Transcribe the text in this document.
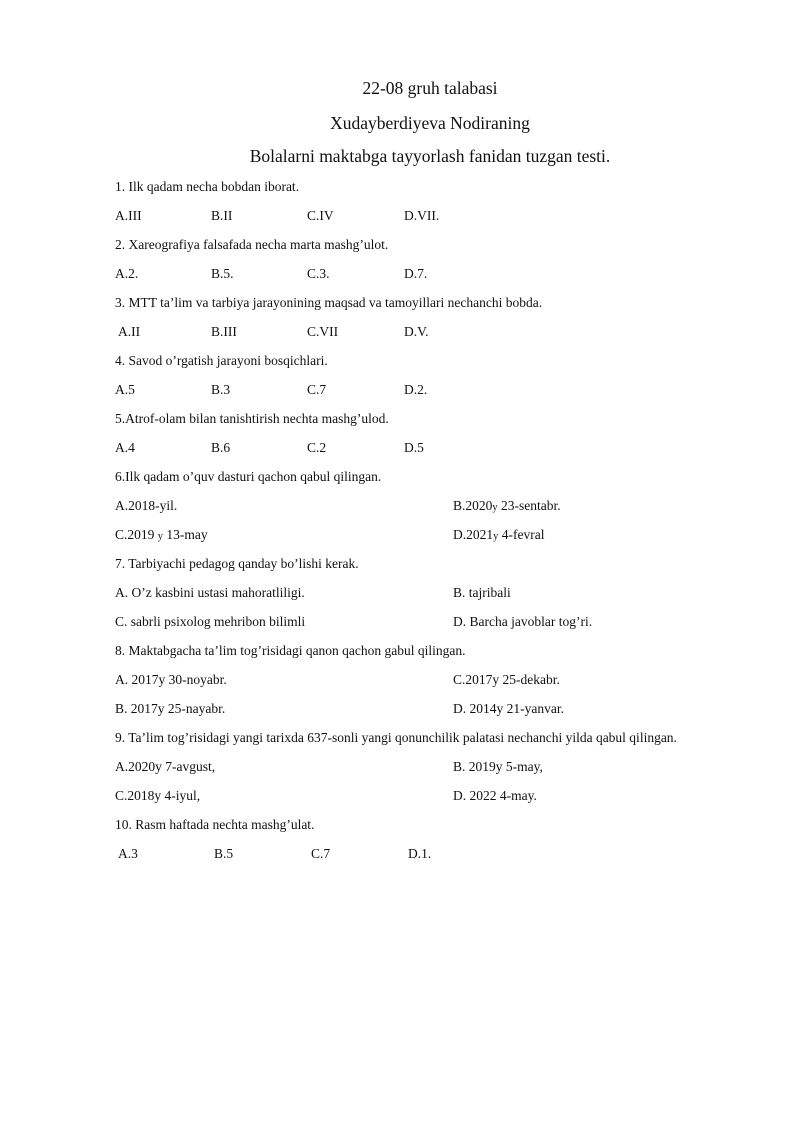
22-08 gruh talabasi
Xudayberdiyeva Nodiraning
Bolalarni maktabga tayyorlash fanidan tuzgan testi.
1. Ilk qadam necha bobdan iborat.
A.III	B.II	C.IV	D.VII.
2. Xareografiya falsafada necha marta mashg’ulot.
A.2.	B.5.	C.3.	D.7.
3. MTT ta’lim va tarbiya jarayonining maqsad va tamoyillari nechanchi bobda.
A.II	B.III	C.VII	D.V.
4. Savod o’rgatish jarayoni bosqichlari.
A.5	B.3	C.7	D.2.
5.Atrof-olam bilan tanishtirish nechta mashg’ulod.
A.4	B.6	C.2	D.5
6.Ilk qadam o’quv dasturi qachon qabul qilingan.
A.2018-yil.	B.2020y 23-sentabr.
C.2019 y 13-may	D.2021y 4-fevral
7. Tarbiyachi pedagog qanday bo’lishi kerak.
A. O’z kasbini ustasi mahoratliligi.	B. tajribali
C. sabrli psixolog mehribon bilimli	D. Barcha javoblar tog’ri.
8. Maktabgacha ta’lim tog’risidagi qanon qachon gabul qilingan.
A. 2017y 30-noyabr.	C.2017y 25-dekabr.
B. 2017y 25-nayabr.	D. 2014y 21-yanvar.
9. Ta’lim tog’risidagi yangi tarixda 637-sonli yangi qonunchilik palatasi nechanchi yilda qabul qilingan.
A.2020y 7-avgust,	B. 2019y 5-may,
C.2018y 4-iyul,	D. 2022 4-may.
10. Rasm haftada nechta mashg’ulat.
A.3	B.5	C.7	D.1.
